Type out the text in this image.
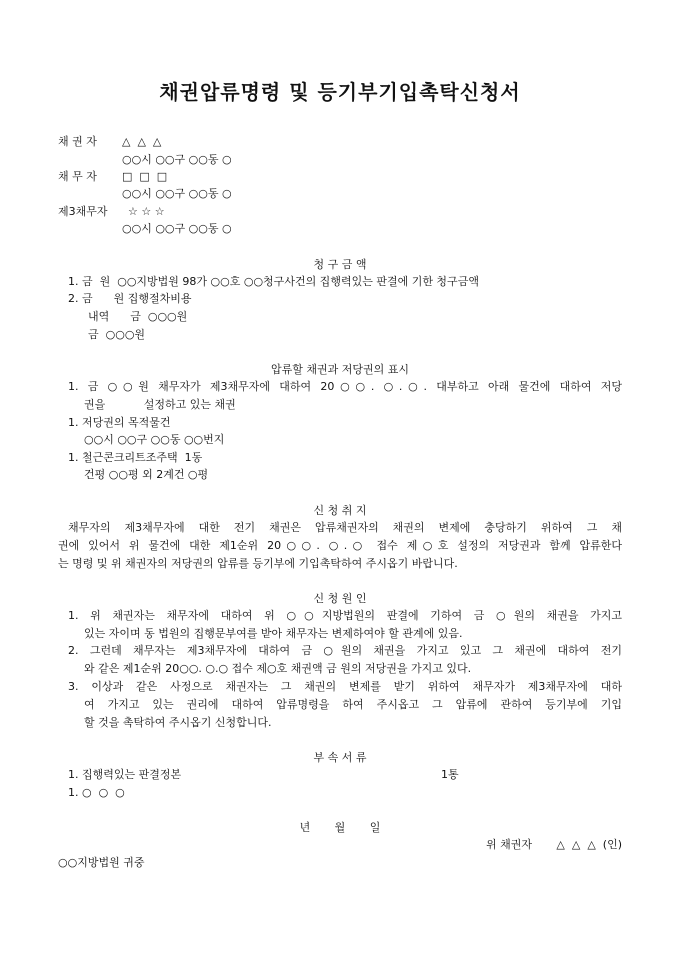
채권압류명령 및 등기부기입촉탁신청서
채 권 자 △  △  △
○○시 ○○구 ○○동 ○
채 무 자 □  □  □
○○시 ○○구 ○○동 ○
제3채무자 ☆ ☆ ☆
○○시 ○○구 ○○동 ○
청 구 금 액
1. 금  원  ○○지방법원 98가 ○○호 ○○청구사건의 집행력있는 판결에 기한 청구금액
2. 금      원 집행절차비용
내역      금  ○○○원
금  ○○○원
압류할 채권과 저당권의 표시
1. 금 ○○원 채무자가 제3채무자에 대하여 20○○. ○.○. 대부하고 아래 물건에 대하여 저당
권을           설정하고 있는 채권
1. 저당권의 목적물건
○○시 ○○구 ○○동 ○○번지
1. 철근콘크리트조주택  1동
건평 ○○평 외 2계건 ○평
신 청 취 지
채무자의 제3채무자에 대한 전기 채권은 압류채권자의 채권의 변제에 충당하기 위하여 그 채
권에 있어서 위 물건에 대한 제1순위 20○○. ○.○ 접수 제○호 설정의 저당권과 함께 압류한다
는 명령 및 위 채권자의 저당권의 압류를 등기부에 기입촉탁하여 주시옵기 바랍니다.
신 청 원 인
1. 위 채권자는 채무자에 대하여 위 ○○지방법원의 판결에 기하여 금 ○원의 채권을 가지고
있는 자이며 동 법원의 집행문부여를 받아 채무자는 변제하여야 할 관계에 있음.
2. 그런데 채무자는 제3채무자에 대하여 금 ○원의 채권을 가지고 있고 그 채권에 대하여 전기
와 같은 제1순위 20○○. ○.○ 접수 제○호 채권액 금 원의 저당권을 가지고 있다.
3. 이상과 같은 사정으로 채권자는 그 채권의 변제를 받기 위하여 채무자가 제3채무자에 대하
여 가지고 있는 권리에 대하여 압류명령을 하여 주시옵고 그 압류에 관하여 등기부에 기입
할 것을 촉탁하여 주시옵기 신청합니다.
부 속 서 류
1. 집행력있는 판결정본	1통
1. ○  ○  ○
년       월       일
위 채권자       △  △  △  (인)
○○지방법원 귀중
